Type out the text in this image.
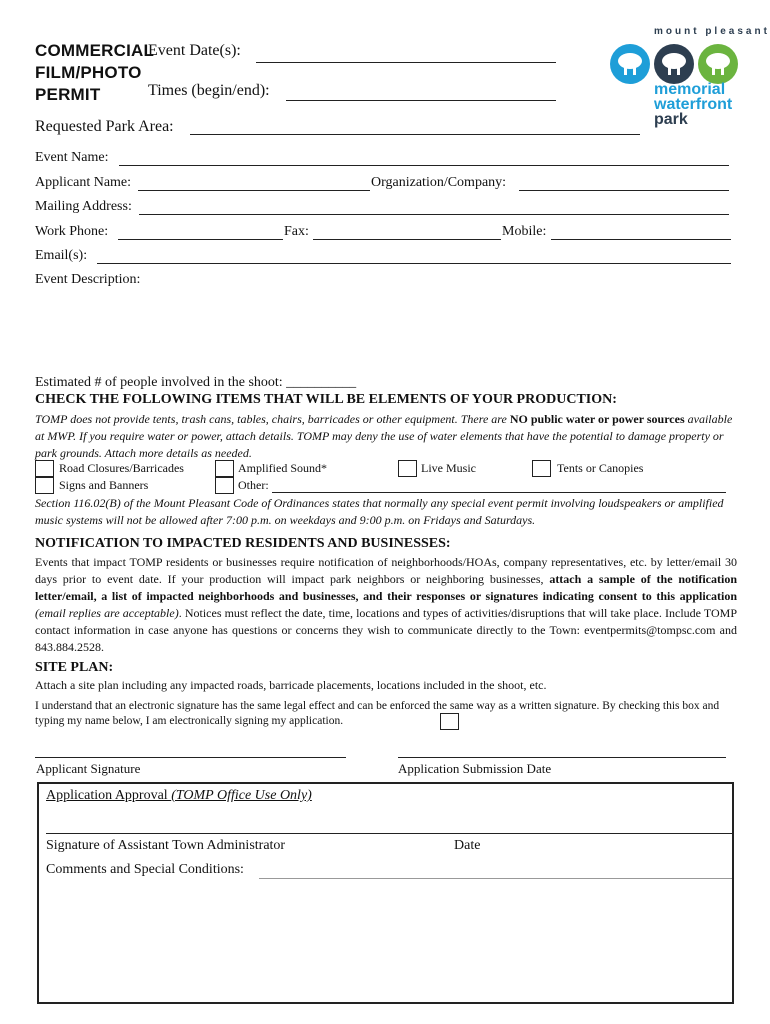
COMMERCIAL
FILM/PHOTO
PERMIT
Event Date(s):
Times (begin/end):
Requested Park Area:
mount pleasant
memorial
waterfront
park
Event Name:
Applicant Name:	Organization/Company:
Mailing Address:
Work Phone:	Fax:	Mobile:
Email(s):
Event Description:
Estimated # of people involved in the shoot: __________
CHECK THE FOLLOWING ITEMS THAT WILL BE ELEMENTS OF YOUR PRODUCTION:
TOMP does not provide tents, trash cans, tables, chairs, barricades or other equipment. There are NO public water or power sources available at MWP. If you require water or power, attach details. TOMP may deny the use of water elements that have the potential to damage property or park grounds. Attach more details as needed.
Road Closures/Barricades	Amplified Sound*	Live Music	Tents or Canopies
Signs and Banners	Other:
Section 116.02(B) of the Mount Pleasant Code of Ordinances states that normally any special event permit involving loudspeakers or amplified music systems will not be allowed after 7:00 p.m. on weekdays and 9:00 p.m. on Fridays and Saturdays.
NOTIFICATION TO IMPACTED RESIDENTS AND BUSINESSES:
Events that impact TOMP residents or businesses require notification of neighborhoods/HOAs, company representatives, etc. by letter/email 30 days prior to event date. If your production will impact park neighbors or neighboring businesses, attach a sample of the notification letter/email, a list of impacted neighborhoods and businesses, and their responses or signatures indicating consent to this application (email replies are acceptable). Notices must reflect the date, time, locations and types of activities/disruptions that will take place. Include TOMP contact information in case anyone has questions or concerns they wish to communicate directly to the Town: eventpermits@tompsc.com and 843.884.2528.
SITE PLAN:
Attach a site plan including any impacted roads, barricade placements, locations included in the shoot, etc.
I understand that an electronic signature has the same legal effect and can be enforced the same way as a written signature. By checking this box and typing my name below, I am electronically signing my application.
Applicant Signature	Application Submission Date
Application Approval (TOMP Office Use Only)
Signature of Assistant Town Administrator	Date
Comments and Special Conditions:
